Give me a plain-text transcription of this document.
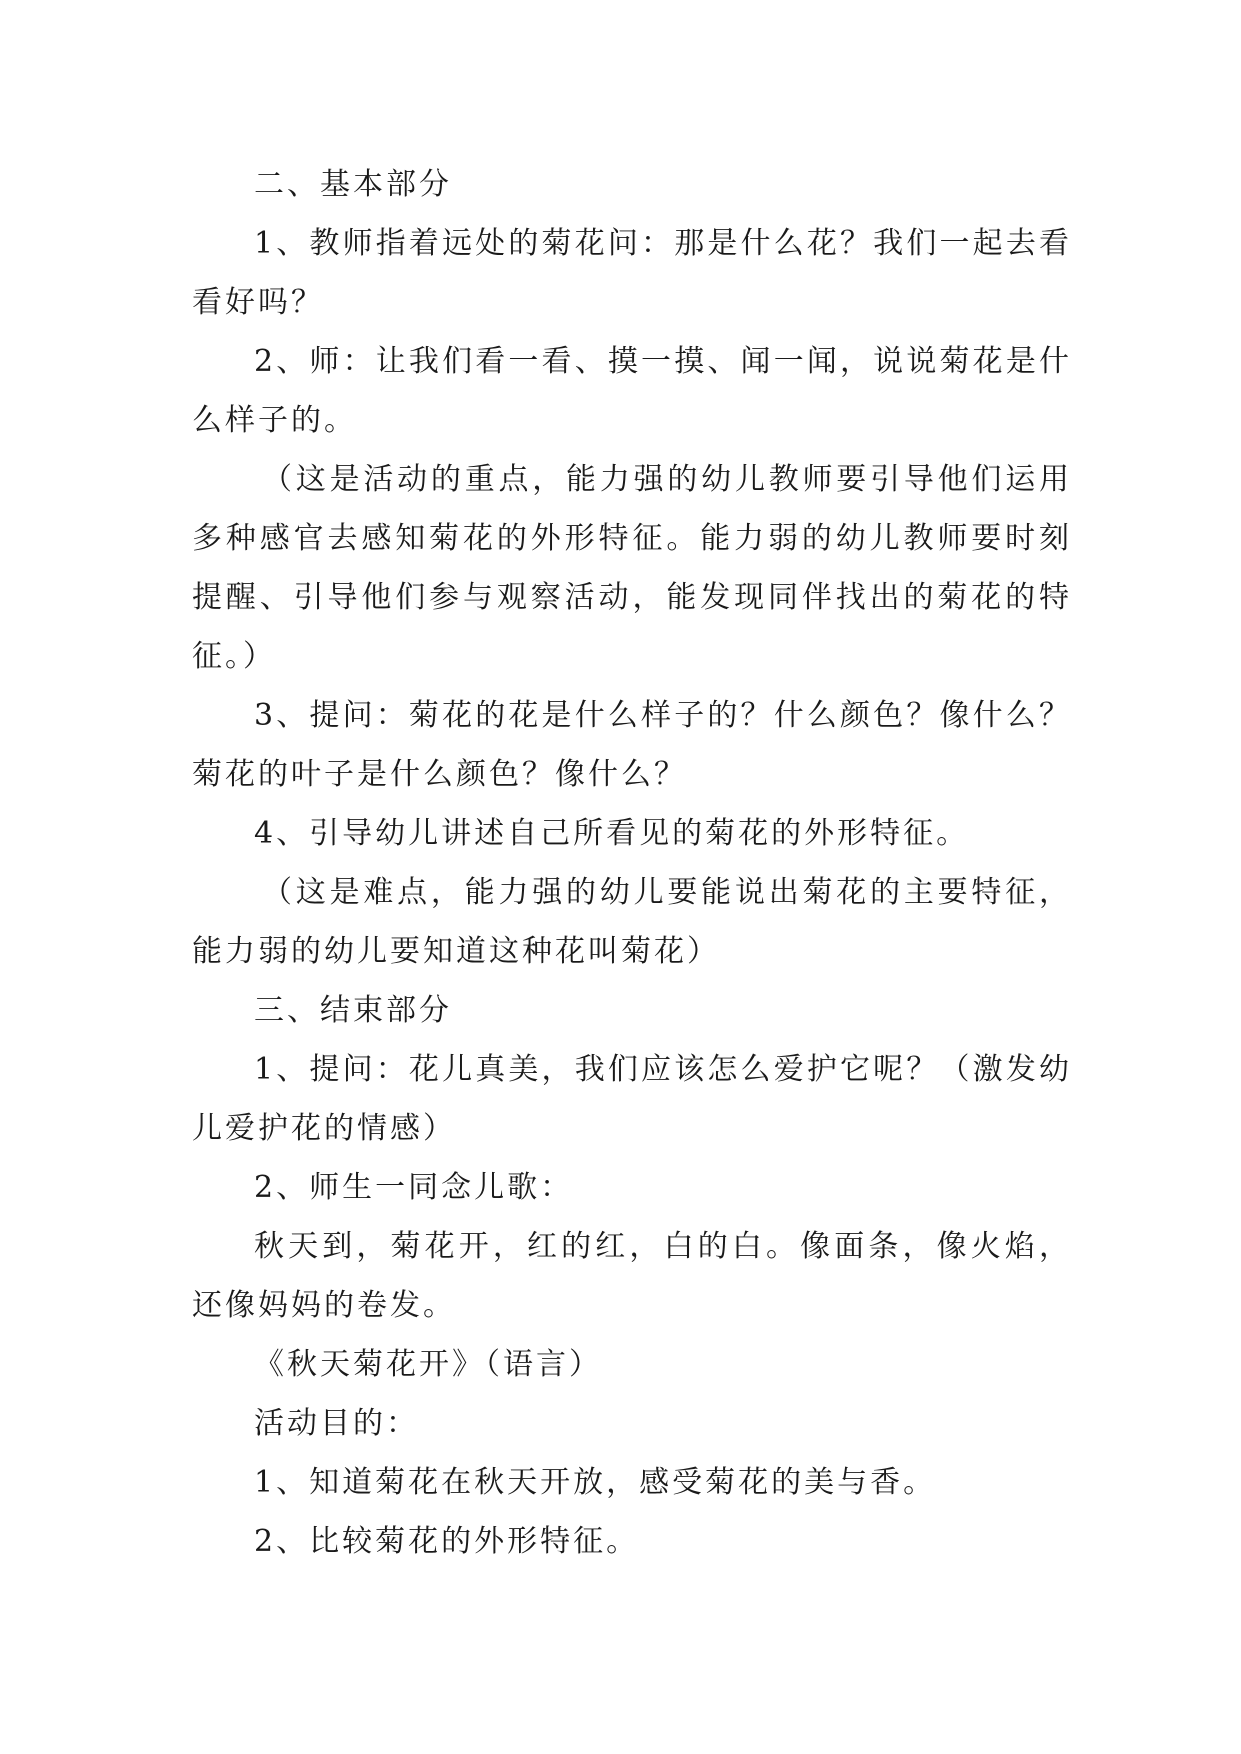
二、基本部分

1、教师指着远处的菊花问：那是什么花？我们一起去看看好吗？

2、师：让我们看一看、摸一摸、闻一闻，说说菊花是什么样子的。

（这是活动的重点，能力强的幼儿教师要引导他们运用多种感官去感知菊花的外形特征。能力弱的幼儿教师要时刻提醒、引导他们参与观察活动，能发现同伴找出的菊花的特征。）

3、提问：菊花的花是什么样子的？什么颜色？像什么？菊花的叶子是什么颜色？像什么？

4、引导幼儿讲述自己所看见的菊花的外形特征。

（这是难点，能力强的幼儿要能说出菊花的主要特征，能力弱的幼儿要知道这种花叫菊花）

三、结束部分

1、提问：花儿真美，我们应该怎么爱护它呢？（激发幼儿爱护花的情感）

2、师生一同念儿歌：

秋天到，菊花开，红的红，白的白。像面条，像火焰，还像妈妈的卷发。

《秋天菊花开》（语言）

活动目的：

1、知道菊花在秋天开放，感受菊花的美与香。

2、比较菊花的外形特征。
